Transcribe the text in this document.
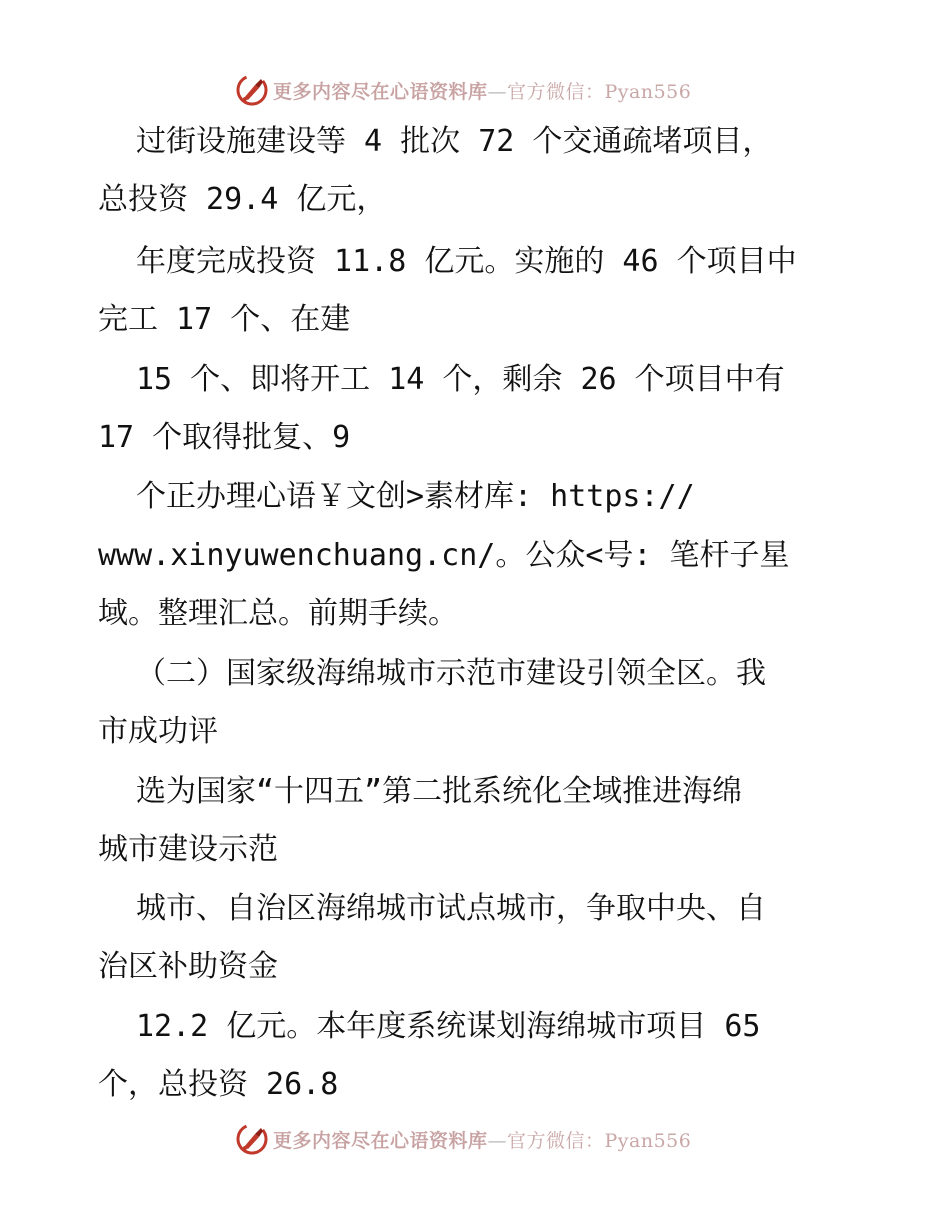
更多内容尽在心语资料库—官方微信：Pyan556
过街设施建设等 4 批次 72 个交通疏堵项目，
总投资 29.4 亿元，
年度完成投资 11.8 亿元。实施的 46 个项目中
完工 17 个、在建
15 个、即将开工 14 个，剩余 26 个项目中有
17 个取得批复、9
个正办理心语￥文创>素材库: https://
www.xinyuwenchuang.cn/。公众<号: 笔杆子星
域。整理汇总。前期手续。
（二）国家级海绵城市示范市建设引领全区。我
市成功评
选为国家“十四五”第二批系统化全域推进海绵
城市建设示范
城市、自治区海绵城市试点城市，争取中央、自
治区补助资金
12.2 亿元。本年度系统谋划海绵城市项目 65
个，总投资 26.8
更多内容尽在心语资料库—官方微信：Pyan556
